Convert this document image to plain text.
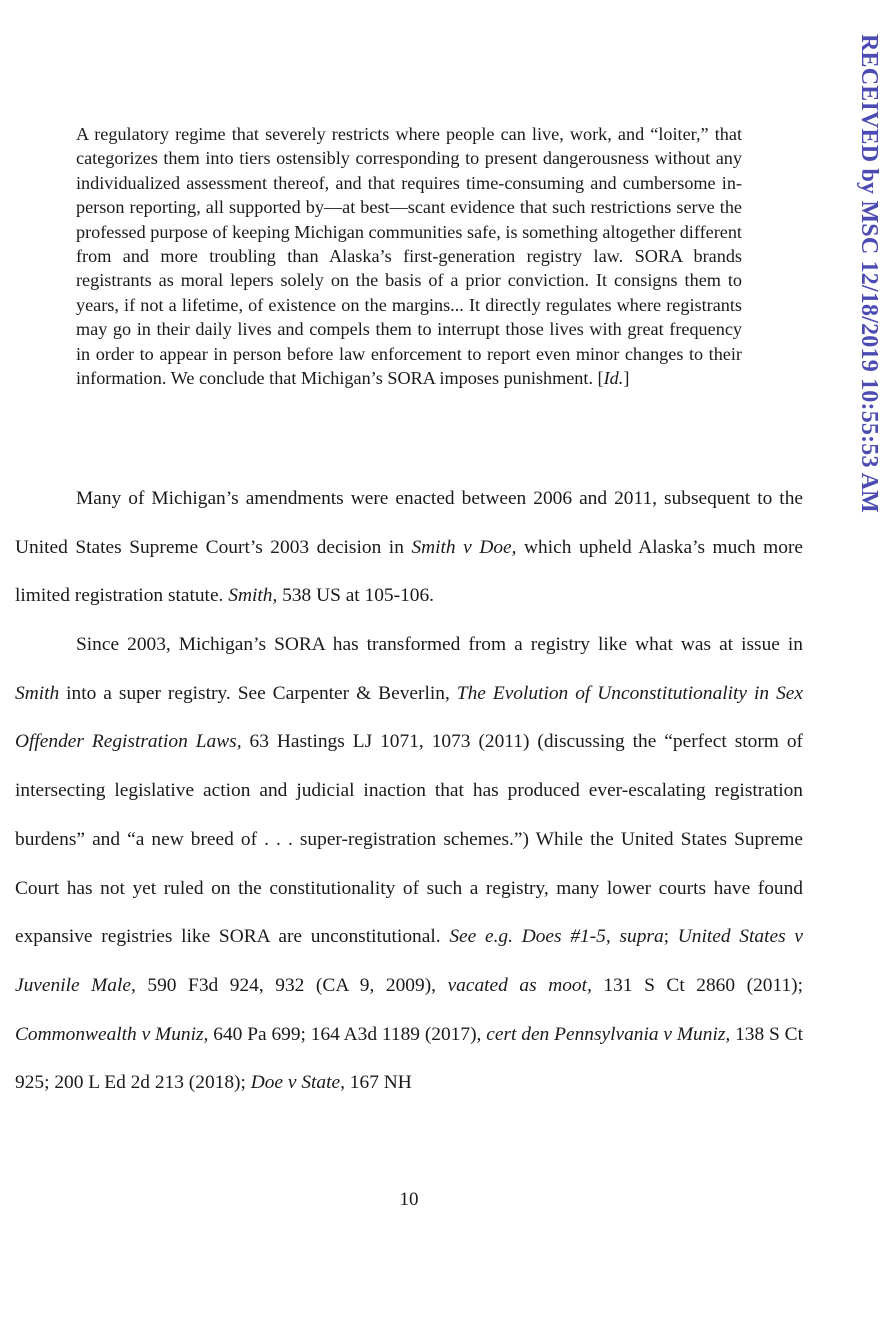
RECEIVED by MSC 12/18/2019 10:55:53 AM

A regulatory regime that severely restricts where people can live, work, and “loiter,” that categorizes them into tiers ostensibly corresponding to present dangerousness without any individualized assessment thereof, and that requires time-consuming and cumbersome in-person reporting, all supported by—at best—scant evidence that such restrictions serve the professed purpose of keeping Michigan communities safe, is something altogether different from and more troubling than Alaska’s first-generation registry law. SORA brands registrants as moral lepers solely on the basis of a prior conviction. It consigns them to years, if not a lifetime, of existence on the margins... It directly regulates where registrants may go in their daily lives and compels them to interrupt those lives with great frequency in order to appear in person before law enforcement to report even minor changes to their information. We conclude that Michigan’s SORA imposes punishment. [Id.]

Many of Michigan’s amendments were enacted between 2006 and 2011, subsequent to the United States Supreme Court’s 2003 decision in Smith v Doe, which upheld Alaska’s much more limited registration statute. Smith, 538 US at 105-106.

Since 2003, Michigan’s SORA has transformed from a registry like what was at issue in Smith into a super registry. See Carpenter & Beverlin, The Evolution of Unconstitutionality in Sex Offender Registration Laws, 63 Hastings LJ 1071, 1073 (2011) (discussing the “perfect storm of intersecting legislative action and judicial inaction that has produced ever-escalating registration burdens” and “a new breed of . . . super-registration schemes.”) While the United States Supreme Court has not yet ruled on the constitutionality of such a registry, many lower courts have found expansive registries like SORA are unconstitutional. See e.g. Does #1-5, supra; United States v Juvenile Male, 590 F3d 924, 932 (CA 9, 2009), vacated as moot, 131 S Ct 2860 (2011); Commonwealth v Muniz, 640 Pa 699; 164 A3d 1189 (2017), cert den Pennsylvania v Muniz, 138 S Ct 925; 200 L Ed 2d 213 (2018); Doe v State, 167 NH

10
